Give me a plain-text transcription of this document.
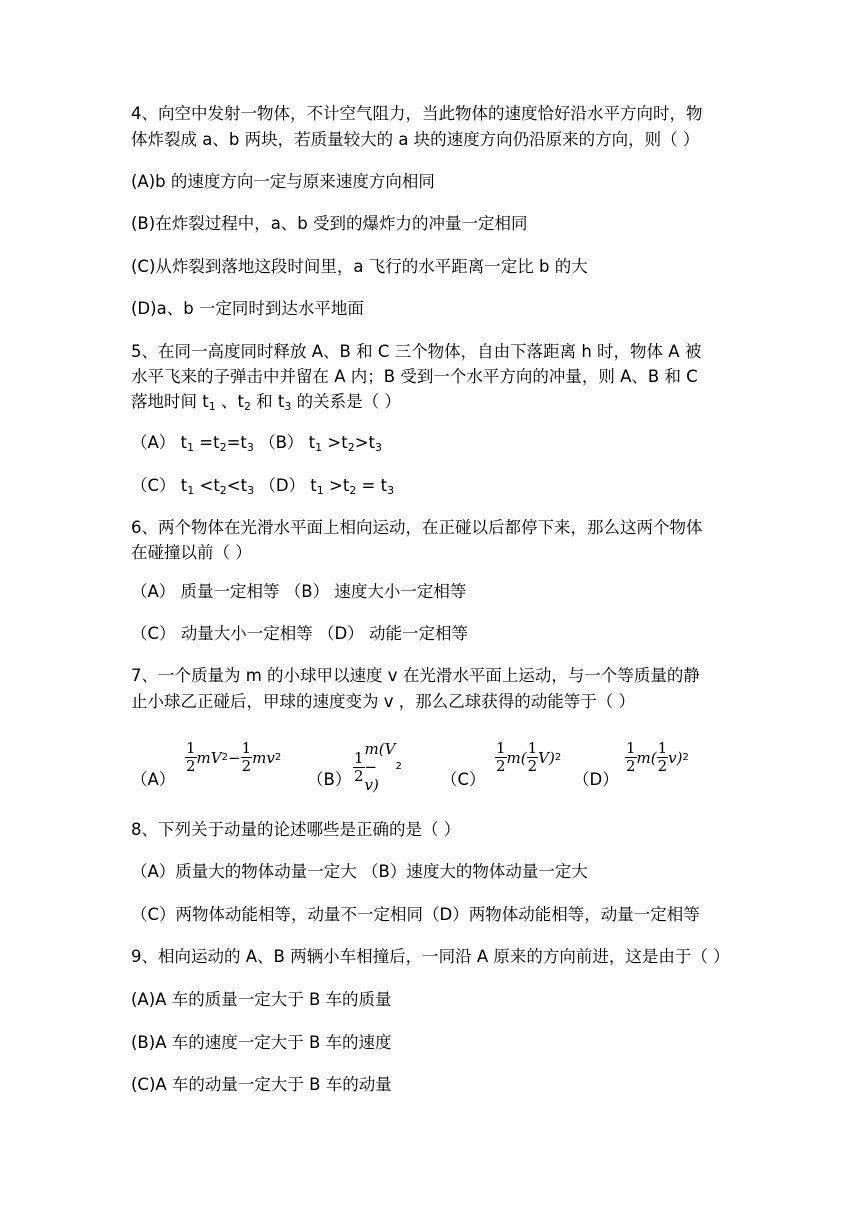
4、向空中发射一物体，不计空气阻力，当此物体的速度恰好沿水平方向时，物
体炸裂成 a、b 两块，若质量较大的 a 块的速度方向仍沿原来的方向，则（ ）
(A)b 的速度方向一定与原来速度方向相同
(B)在炸裂过程中，a、b 受到的爆炸力的冲量一定相同
(C)从炸裂到落地这段时间里，a 飞行的水平距离一定比 b 的大
(D)a、b 一定同时到达水平地面
5、在同一高度同时释放 A、B 和 C 三个物体，自由下落距离 h 时，物体 A 被
水平飞来的子弹击中并留在 A 内；B 受到一个水平方向的冲量，则 A、B 和 C
落地时间 $t_1$ 、$t_2$ 和 $t_3$ 的关系是（ ）
（A） $t_1 =t_2=t_3$ （B） $t_1 >t_2>t_3$
（C） $t_1 <t_2<t_3$ （D） $t_1 >t_2 = t_3$
6、两个物体在光滑水平面上相向运动，在正碰以后都停下来，那么这两个物体
在碰撞以前（ ）
（A） 质量一定相等 （B） 速度大小一定相等
（C） 动量大小一定相等 （D） 动能一定相等
7、一个质量为 m 的小球甲以速度 v 在光滑水平面上运动，与一个等质量的静
止小球乙正碰后，甲球的速度变为 v ，那么乙球获得的动能等于（ ）
（A）
$\frac{1}{2}$ mV $2 - \frac{1}{2}$ mv 2
$(B) \frac{1}{2}$
m(V − v)
2
（C）
$\frac{1}{2} m( \frac{1}{2}$ V ) 2
（D）
$\frac{1}{2} m( \frac{1}{2}$ v ) 2
8、下列关于动量的论述哪些是正确的是（ ）
（A）质量大的物体动量一定大 （B）速度大的物体动量一定大
（C）两物体动能相等，动量不一定相同（D）两物体动能相等，动量一定相等
9、相向运动的 A、B 两辆小车相撞后，一同沿 A 原来的方向前进，这是由于（ ）
(A)A 车的质量一定大于 B 车的质量
(B)A 车的速度一定大于 B 车的速度
(C)A 车的动量一定大于 B 车的动量
